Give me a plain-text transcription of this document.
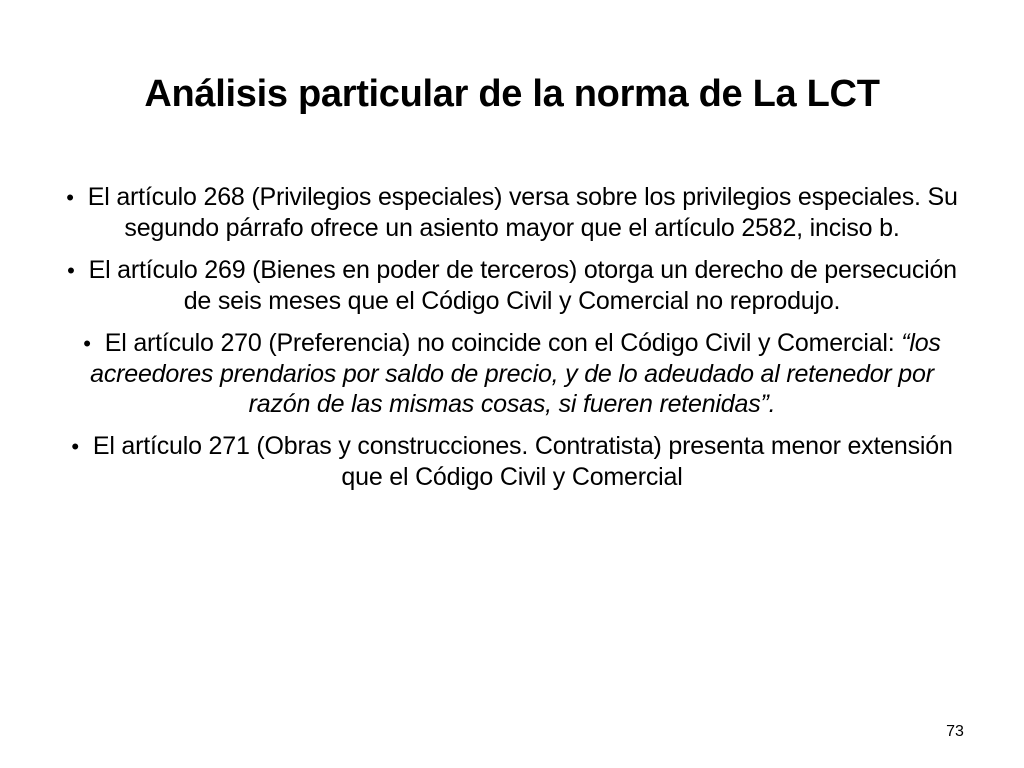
Análisis particular de la norma de La LCT
• El artículo 268 (Privilegios especiales) versa sobre los privilegios especiales. Su segundo párrafo ofrece un asiento mayor que el artículo 2582, inciso b.
• El artículo 269 (Bienes en poder de terceros) otorga un derecho de persecución de seis meses que el Código Civil y Comercial no reprodujo.
• El artículo 270 (Preferencia) no coincide con el Código Civil y Comercial: “los acreedores prendarios por saldo de precio, y de lo adeudado al retenedor por razón de las mismas cosas, si fueren retenidas”.
• El artículo 271 (Obras y construcciones. Contratista) presenta menor extensión que el Código Civil y Comercial
73
